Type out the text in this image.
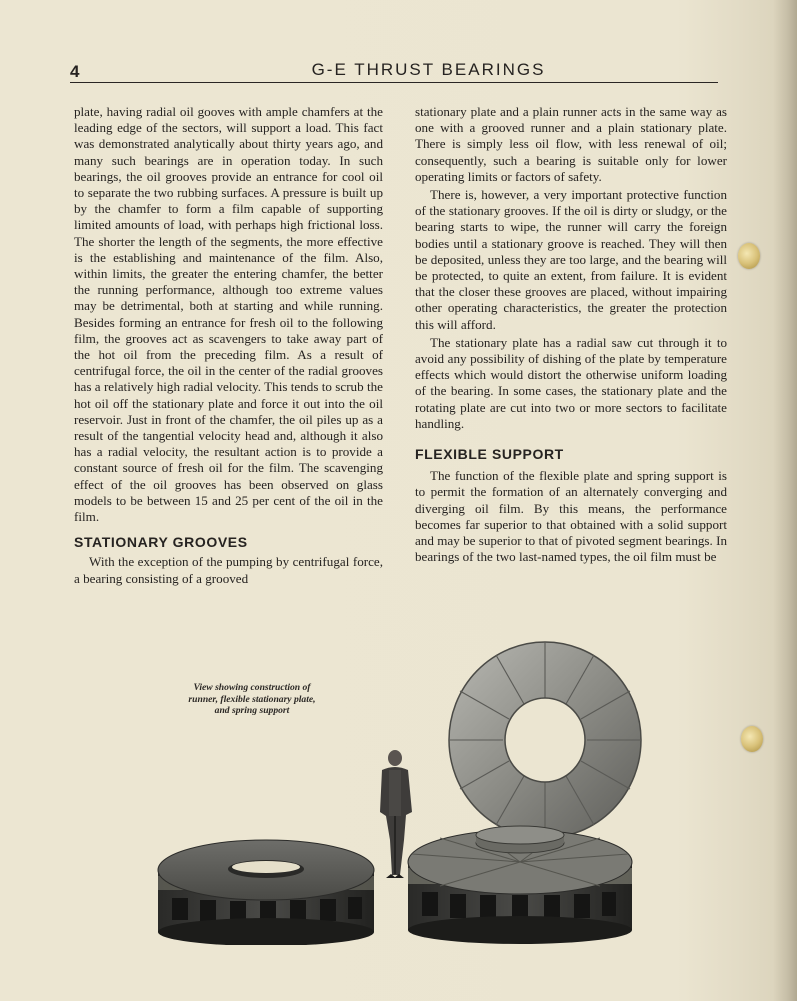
4	G-E THRUST BEARINGS

plate, having radial oil gooves with ample chamfers at the leading edge of the sectors, will support a load. This fact was demonstrated analytically about thirty years ago, and many such bearings are in operation today. In such bearings, the oil grooves provide an entrance for cool oil to separate the two rubbing surfaces. A pressure is built up by the chamfer to form a film capable of supporting limited amounts of load, with perhaps high frictional loss. The shorter the length of the segments, the more effective is the establishing and maintenance of the film. Also, within limits, the greater the entering chamfer, the better the running performance, although too extreme values may be detrimental, both at starting and while running. Besides forming an entrance for fresh oil to the following film, the grooves act as scavengers to take away part of the hot oil from the preceding film. As a result of centrifugal force, the oil in the center of the radial grooves has a relatively high radial velocity. This tends to scrub the hot oil off the stationary plate and force it out into the oil reservoir. Just in front of the chamfer, the oil piles up as a result of the tangential velocity head and, although it also has a radial velocity, the resultant action is to provide a constant source of fresh oil for the film. The scavenging effect of the oil grooves has been observed on glass models to be between 15 and 25 per cent of the oil in the film.

STATIONARY GROOVES

With the exception of the pumping by centrifugal force, a bearing consisting of a grooved

stationary plate and a plain runner acts in the same way as one with a grooved runner and a plain stationary plate. There is simply less oil flow, with less renewal of oil; consequently, such a bearing is suitable only for lower operating limits or factors of safety.

There is, however, a very important protective function of the stationary grooves. If the oil is dirty or sludgy, or the bearing starts to wipe, the runner will carry the foreign bodies until a stationary groove is reached. They will then be deposited, unless they are too large, and the bearing will be protected, to quite an extent, from failure. It is evident that the closer these grooves are placed, without impairing other operating characteristics, the greater the protection this will afford.

The stationary plate has a radial saw cut through it to avoid any possibility of dishing of the plate by temperature effects which would distort the otherwise uniform loading of the bearing. In some cases, the stationary plate and the rotating plate are cut into two or more sectors to facilitate handling.

FLEXIBLE SUPPORT

The function of the flexible plate and spring support is to permit the formation of an alternately converging and diverging oil film. By this means, the performance becomes far superior to that obtained with a solid support and may be superior to that of pivoted segment bearings. In bearings of the two last-named types, the oil film must be

View showing construction of runner, flexible stationary plate, and spring support
